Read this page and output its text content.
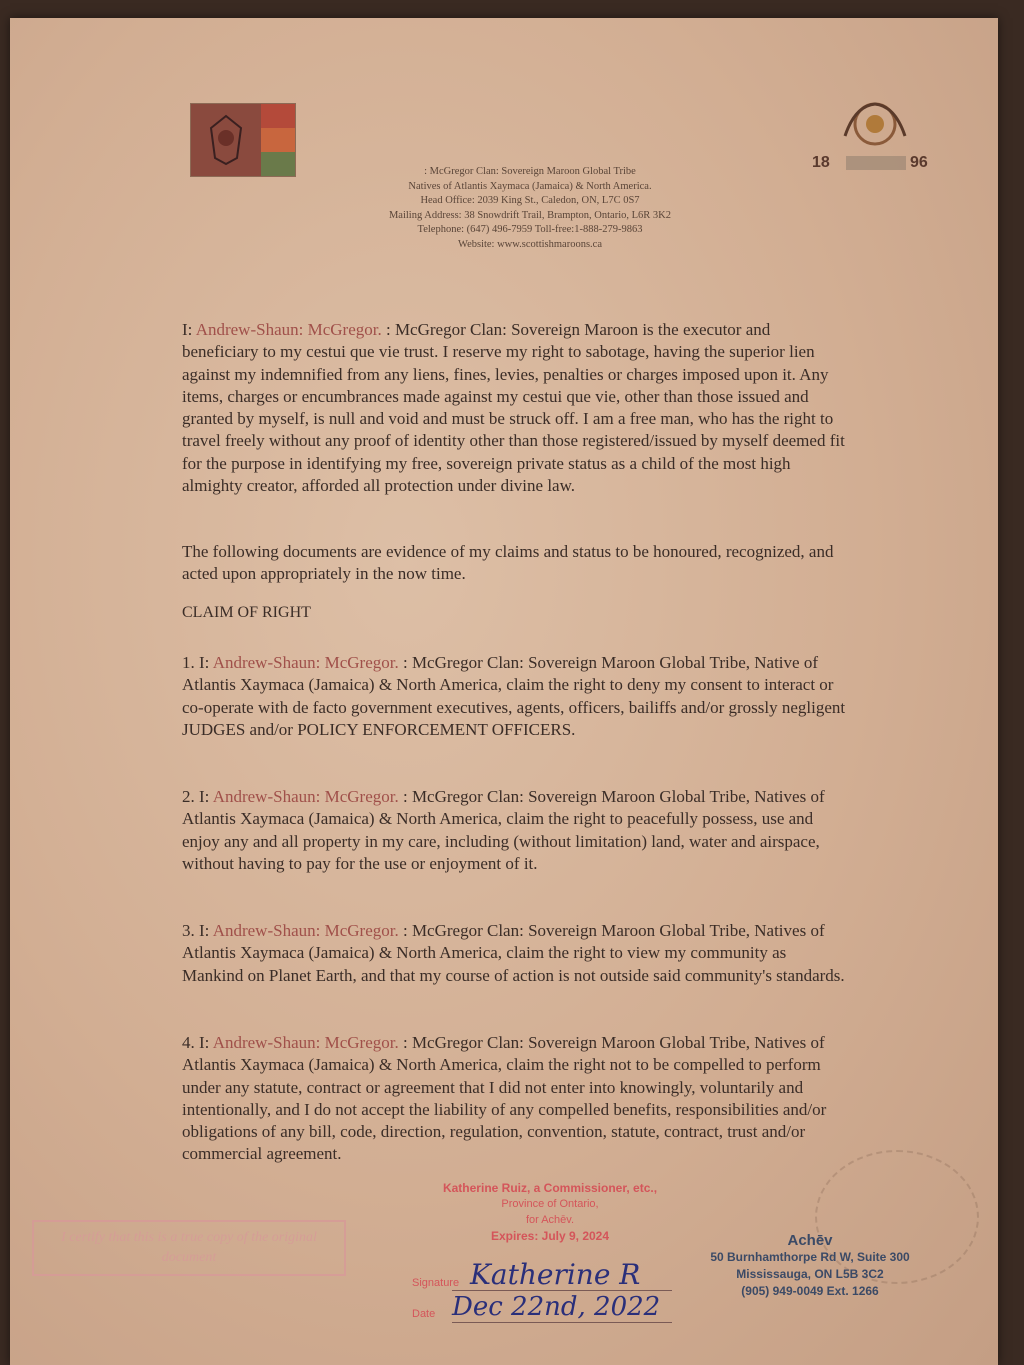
18	96
: McGregor Clan: Sovereign Maroon Global Tribe
Natives of Atlantis Xaymaca (Jamaica) & North America.
Head Office: 2039 King St., Caledon, ON, L7C 0S7
Mailing Address: 38 Snowdrift Trail, Brampton, Ontario, L6R 3K2
Telephone: (647) 496-7959 Toll-free:1-888-279-9863
Website: www.scottishmaroons.ca
I: Andrew-Shaun: McGregor. : McGregor Clan: Sovereign Maroon is the executor and beneficiary to my cestui que vie trust. I reserve my right to sabotage, having the superior lien against my indemnified from any liens, fines, levies, penalties or charges imposed upon it. Any items, charges or encumbrances made against my cestui que vie, other than those issued and granted by myself, is null and void and must be struck off. I am a free man, who has the right to travel freely without any proof of identity other than those registered/issued by myself deemed fit for the purpose in identifying my free, sovereign private status as a child of the most high almighty creator, afforded all protection under divine law.
The following documents are evidence of my claims and status to be honoured, recognized, and acted upon appropriately in the now time.
CLAIM OF RIGHT
1. I: Andrew-Shaun: McGregor. : McGregor Clan: Sovereign Maroon Global Tribe, Native of Atlantis Xaymaca (Jamaica) & North America, claim the right to deny my consent to interact or co-operate with de facto government executives, agents, officers, bailiffs and/or grossly negligent JUDGES and/or POLICY ENFORCEMENT OFFICERS.
2. I: Andrew-Shaun: McGregor. : McGregor Clan: Sovereign Maroon Global Tribe, Natives of Atlantis Xaymaca (Jamaica) & North America, claim the right to peacefully possess, use and enjoy any and all property in my care, including (without limitation) land, water and airspace, without having to pay for the use or enjoyment of it.
3. I: Andrew-Shaun: McGregor. : McGregor Clan: Sovereign Maroon Global Tribe, Natives of Atlantis Xaymaca (Jamaica) & North America, claim the right to view my community as Mankind on Planet Earth, and that my course of action is not outside said community's standards.
4. I: Andrew-Shaun: McGregor. : McGregor Clan: Sovereign Maroon Global Tribe, Natives of Atlantis Xaymaca (Jamaica) & North America, claim the right not to be compelled to perform under any statute, contract or agreement that I did not enter into knowingly, voluntarily and intentionally, and I do not accept the liability of any compelled benefits, responsibilities and/or obligations of any bill, code, direction, regulation, convention, statute, contract, trust and/or commercial agreement.
I certify that this is a true copy of the original document
Katherine Ruiz, a Commissioner, etc.,
Province of Ontario,
for Achēv.
Expires: July 9, 2024
Signature Katherine R
Date Dec 22nd, 2022
Achēv
50 Burnhamthorpe Rd W, Suite 300
Mississauga, ON L5B 3C2
(905) 949-0049 Ext. 1266
